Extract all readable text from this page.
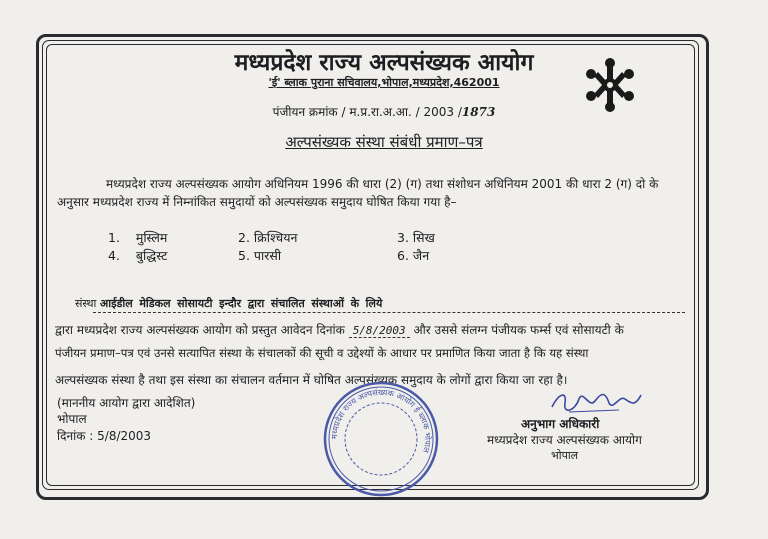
मध्यप्रदेश राज्य अल्पसंख्यक आयोग
'ई' ब्लाक पुराना सचिवालय,भोपाल,मध्यप्रदेश,462001
पंजीयन क्रमांक / म.प्र.रा.अ.आ. / 2003 /1873
अल्पसंख्यक संस्था संबंधी प्रमाण–पत्र
मध्यप्रदेश राज्य अल्पसंख्यक आयोग अधिनियम 1996 की धारा (2) (ग) तथा संशोधन अधिनियम 2001 की धारा 2 (ग) दो के
अनुसार मध्यप्रदेश राज्य में निम्नांकित समुदायों को अल्पसंख्यक समुदाय घोषित किया गया है–
1. मुस्लिम	2. क्रिश्चियन	3. सिख
4. बुद्धिस्ट	5. पारसी	6. जैन
संस्था आईडील मेडिकल सोसायटी इन्दौर द्वारा संचालित संस्थाओं के लिये
द्वारा मध्यप्रदेश राज्य अल्पसंख्यक आयोग को प्रस्तुत आवेदन दिनांक 5/8/2003 और उससे संलग्न पंजीयक फर्म्स एवं सोसायटी के
पंजीयन प्रमाण–पत्र एवं उनसे सत्यापित संस्था के संचालकों की सूची व उद्देश्यों के आधार पर प्रमाणित किया जाता है कि यह संस्था
अल्पसंख्यक संस्था है तथा इस संस्था का संचालन वर्तमान में घोषित अल्पसंख्यक समुदाय के लोगों द्वारा किया जा रहा है।
(माननीय आयोग द्वारा आदेशित)
भोपाल
दिनांक : 5/8/2003	मध्यप्रदेश राज्य अल्पसंख्यक आयोग ई ब्लाक भोपाल
अनुभाग अधिकारी
मध्यप्रदेश राज्य अल्पसंख्यक आयोग
भोपाल
